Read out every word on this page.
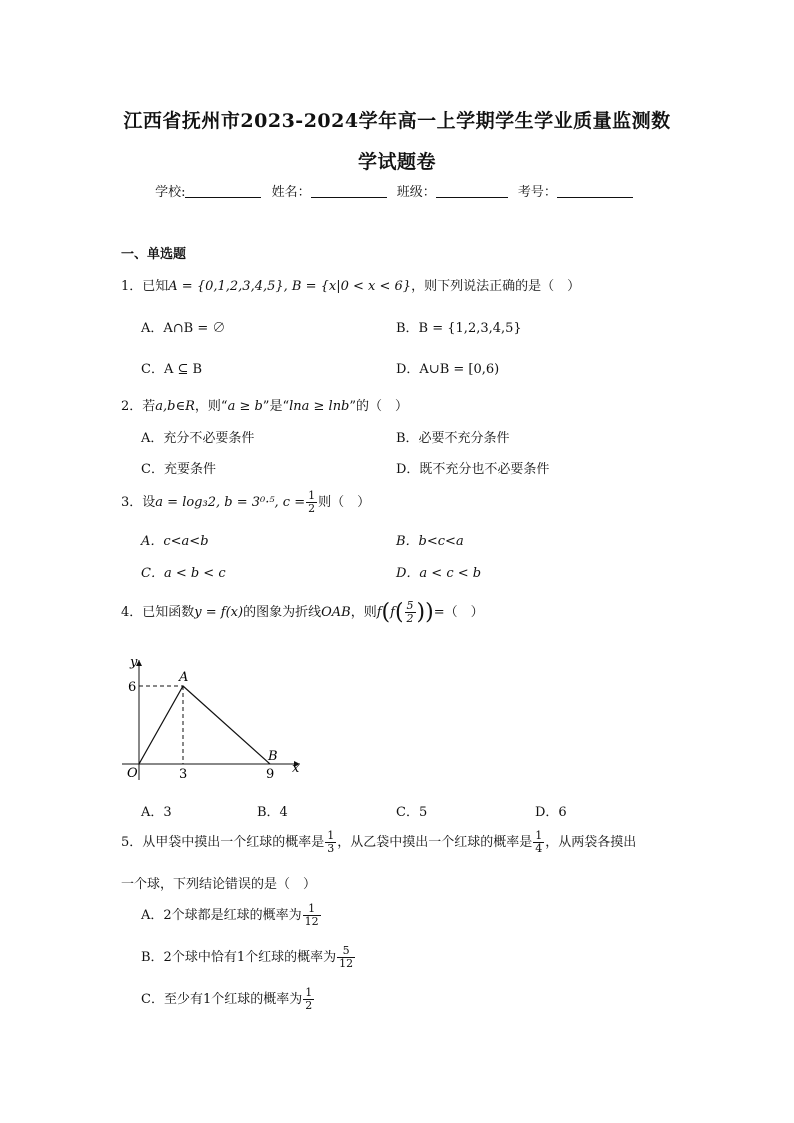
江西省抚州市2023-2024学年高一上学期学生学业质量监测数
学试题卷
学校:	姓名：	班级：	考号：
一、单选题
1．已知A = {0,1,2,3,4,5}, B = {x|0 < x < 6}，则下列说法正确的是（　）
A．A∩B = ∅	B．B = {1,2,3,4,5}
C．A ⊆ B	D．A∪B = [0,6)
2．若a,b∈R，则“a ≥ b”是“lna ≥ lnb”的（　）
A．充分不必要条件	B．必要不充分条件
C．充要条件	D．既不充分也不必要条件
3．设a = log₃2, b = 3⁰·⁵, $c = \frac{1}{2}$ 则（　）
A．c<a<b	B．b<c<a
C．a < b < c	D．a < c < b
4．已知函数y = f(x)的图象为折线OAB，则$f(f( \frac{5}{2}$ ))=（　）
y
x
O
A
B
6
3	9
A．3	B．4	C．5	D．6
5．从甲袋中摸出一个红球的概率是 $\frac{1}{3}$ ，从乙袋中摸出一个红球的概率是 $\frac{1}{4}$ ，从两袋各摸出
一个球，下列结论错误的是（　）
A．2个球都是红球的概率为 $\frac{1}{12}$
B．2个球中恰有1个红球的概率为 $\frac{5}{12}$
C．至少有1个红球的概率为 $\frac{1}{2}$
